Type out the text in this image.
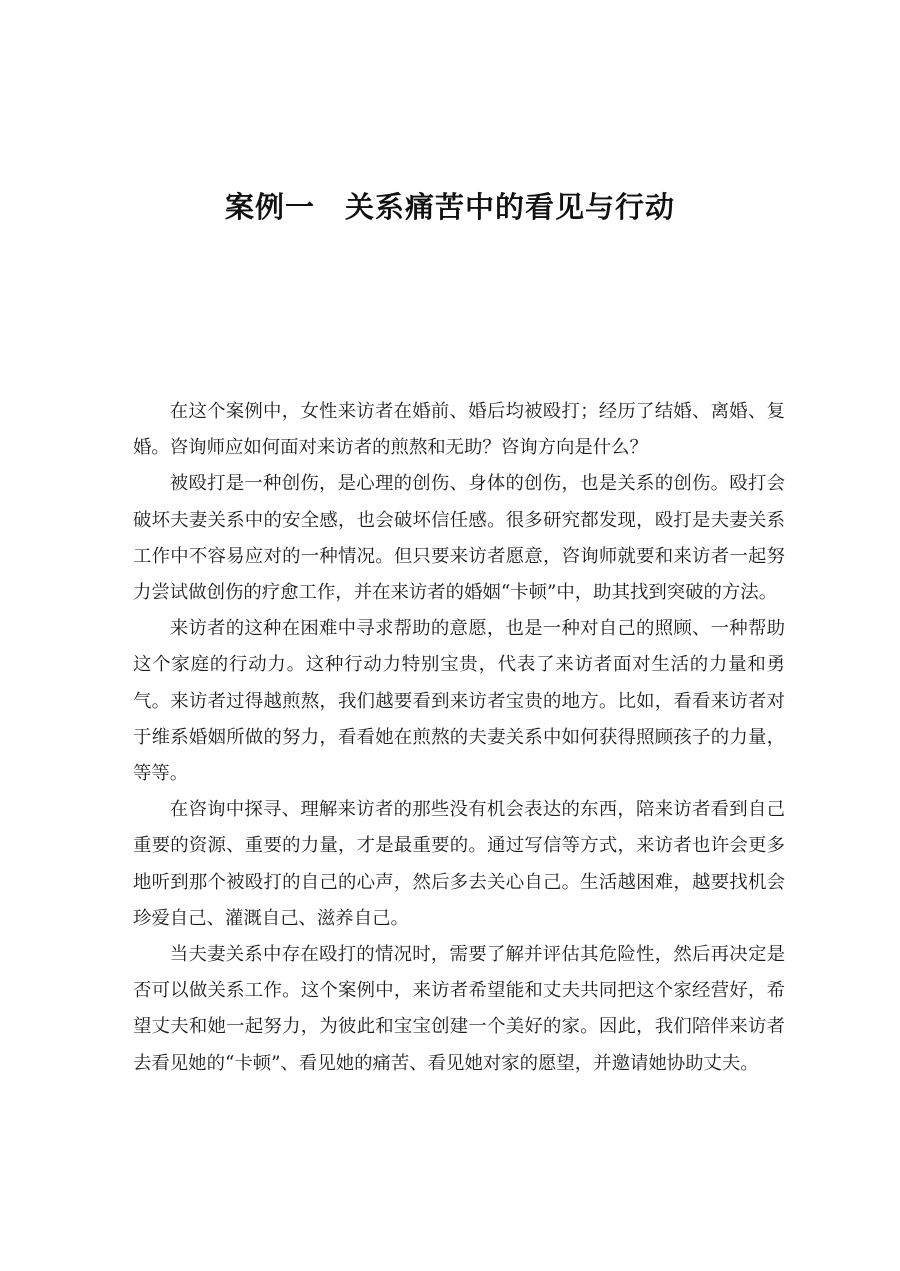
案例一 关系痛苦中的看见与行动

在这个案例中，女性来访者在婚前、婚后均被殴打；经历了结婚、离婚、复婚。咨询师应如何面对来访者的煎熬和无助？咨询方向是什么？

被殴打是一种创伤，是心理的创伤、身体的创伤，也是关系的创伤。殴打会破坏夫妻关系中的安全感，也会破坏信任感。很多研究都发现，殴打是夫妻关系工作中不容易应对的一种情况。但只要来访者愿意，咨询师就要和来访者一起努力尝试做创伤的疗愈工作，并在来访者的婚姻“卡顿”中，助其找到突破的方法。

来访者的这种在困难中寻求帮助的意愿，也是一种对自己的照顾、一种帮助这个家庭的行动力。这种行动力特别宝贵，代表了来访者面对生活的力量和勇气。来访者过得越煎熬，我们越要看到来访者宝贵的地方。比如，看看来访者对于维系婚姻所做的努力，看看她在煎熬的夫妻关系中如何获得照顾孩子的力量，等等。

在咨询中探寻、理解来访者的那些没有机会表达的东西，陪来访者看到自己重要的资源、重要的力量，才是最重要的。通过写信等方式，来访者也许会更多地听到那个被殴打的自己的心声，然后多去关心自己。生活越困难，越要找机会珍爱自己、灌溉自己、滋养自己。

当夫妻关系中存在殴打的情况时，需要了解并评估其危险性，然后再决定是否可以做关系工作。这个案例中，来访者希望能和丈夫共同把这个家经营好，希望丈夫和她一起努力，为彼此和宝宝创建一个美好的家。因此，我们陪伴来访者去看见她的“卡顿”、看见她的痛苦、看见她对家的愿望，并邀请她协助丈夫。
